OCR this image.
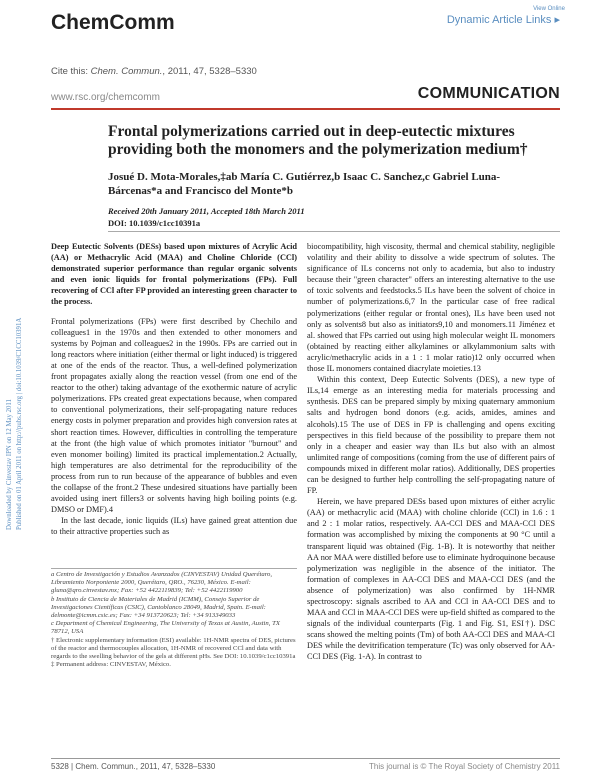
ChemComm
View Online
Dynamic Article Links ▸
Cite this: Chem. Commun., 2011, 47, 5328–5330
www.rsc.org/chemcomm	COMMUNICATION
Downloaded by Cinvestav IPN on 12 May 2011 Published on 01 April 2011 on http://pubs.rsc.org | doi:10.1039/C1CC10391A
Frontal polymerizations carried out in deep-eutectic mixtures providing both the monomers and the polymerization medium†
Josué D. Mota-Morales,‡ab María C. Gutiérrez,b Isaac C. Sanchez,c Gabriel Luna-Bárcenas*a and Francisco del Monte*b
Received 20th January 2011, Accepted 18th March 2011
DOI: 10.1039/c1cc10391a

Deep Eutectic Solvents (DESs) based upon mixtures of Acrylic Acid (AA) or Methacrylic Acid (MAA) and Choline Chloride (CCl) demonstrated superior performance than regular organic solvents and even ionic liquids for frontal polymerizations (FPs). Full recovering of CCl after FP provided an interesting green character to the process.

Frontal polymerizations (FPs) were first described by Chechilo and colleagues1 in the 1970s and then extended to other monomers and systems by Pojman and colleagues2 in the 1990s. FPs are carried out in long reactors where initiation (either thermal or light induced) is triggered at one of the ends of the reactor. Thus, a well-defined polymerization front propagates axially along the reaction vessel (from one end of the reactor to the other) taking advantage of the exothermic nature of acrylic polymerizations. FPs created great expectations because, when compared to conventional polymerizations, their self-propagating nature reduces energy costs in polymer preparation and provides high conversion rates at short reaction times. However, difficulties in controlling the temperature at the front (the high value of which promotes initiator "burnout" and even monomer boiling) limited its practical implementation.2 Actually, high temperatures are also detrimental for the reproducibility of the process from run to run because of the appearance of bubbles and even the collapse of the front.2 These undesired situations have partially been avoided using inert fillers3 or solvents having high boiling points (e.g. DMSO or DMF).4

In the last decade, ionic liquids (ILs) have gained great attention due to their attractive properties such as

a Centro de Investigación y Estudios Avanzados (CINVESTAV) Unidad Querétaro, Libramiento Norponiente 2000, Querétaro, QRO., 76230, México. E-mail: gluna@qro.cinvestav.mx; Fax: +52 4422119839; Tel: +52 4422119900

b Instituto de Ciencia de Materiales de Madrid (ICMM), Consejo Superior de Investigaciones Científicas (CSIC), Cantoblanco 28049, Madrid, Spain. E-mail: delmonte@icmm.csic.es; Fax: +34 913720623; Tel: +34 913349033

c Department of Chemical Engineering, The University of Texas at Austin, Austin, TX 78712, USA

† Electronic supplementary information (ESI) available: 1H-NMR spectra of DES, pictures of the reactor and thermocouples allocation, 1H-NMR of recovered CCl and data with regards to the swelling behavior of the gels at different pHs. See DOI: 10.1039/c1cc10391a

‡ Permanent address: CINVESTAV, México.

biocompatibility, high viscosity, thermal and chemical stability, negligible volatility and their ability to dissolve a wide spectrum of solutes. The significance of ILs concerns not only to academia, but also to industry because their "green character" offers an interesting alternative to the use of toxic solvents and feedstocks.5 ILs have been the solvent of choice in number of polymerizations.6,7 In the particular case of free radical polymerizations (either regular or frontal ones), ILs have been used not only as solvents8 but also as initiators9,10 and monomers.11 Jiménez et al. showed that FPs carried out using high molecular weight IL monomers (obtained by reacting either alkylamines or alkylammonium salts with acrylic/methacrylic acids in a 1 : 1 molar ratio)12 only occurred when those IL monomers contained diacrylate moieties.13

Within this context, Deep Eutectic Solvents (DES), a new type of ILs,14 emerge as an interesting media for materials processing and synthesis. DES can be prepared simply by mixing quaternary ammonium salts and hydrogen bond donors (e.g. acids, amides, amines and alcohols).15 The use of DES in FP is challenging and opens exciting perspectives in this field because of the possibility to prepare them not only in a cheaper and easier way than ILs but also with an almost unlimited range of compositions (coming from the use of different pairs of compounds mixed in different molar ratios). Additionally, DES properties can be designed to further help controlling the self-propagating nature of FP.

Herein, we have prepared DESs based upon mixtures of either acrylic (AA) or methacrylic acid (MAA) with choline chloride (CCl) in 1.6 : 1 and 2 : 1 molar ratios, respectively. AA-CCl DES and MAA-CCl DES formation was accomplished by mixing the components at 90 °C until a transparent liquid was obtained (Fig. 1-B). It is noteworthy that neither AA nor MAA were distilled before use to eliminate hydroquinone because polymerization was negligible in the absence of the initiator. The formation of complexes in AA-CCl DES and MAA-CCl DES (and the absence of polymerization) was also confirmed by 1H-NMR spectroscopy: signals ascribed to AA and CCl in AA-CCl DES and to MAA and CCl in MAA-CCl DES were up-field shifted as compared to the signals of the individual counterparts (Fig. 1 and Fig. S1, ESI†). DSC scans showed the melting points (Tm) of both AA-CCl DES and MAA-Cl DES while the devitrification temperature (Tc) was only observed for AA-CCl DES (Fig. 1-A). In contrast to

5328 | Chem. Commun., 2011, 47, 5328–5330	This journal is © The Royal Society of Chemistry 2011
